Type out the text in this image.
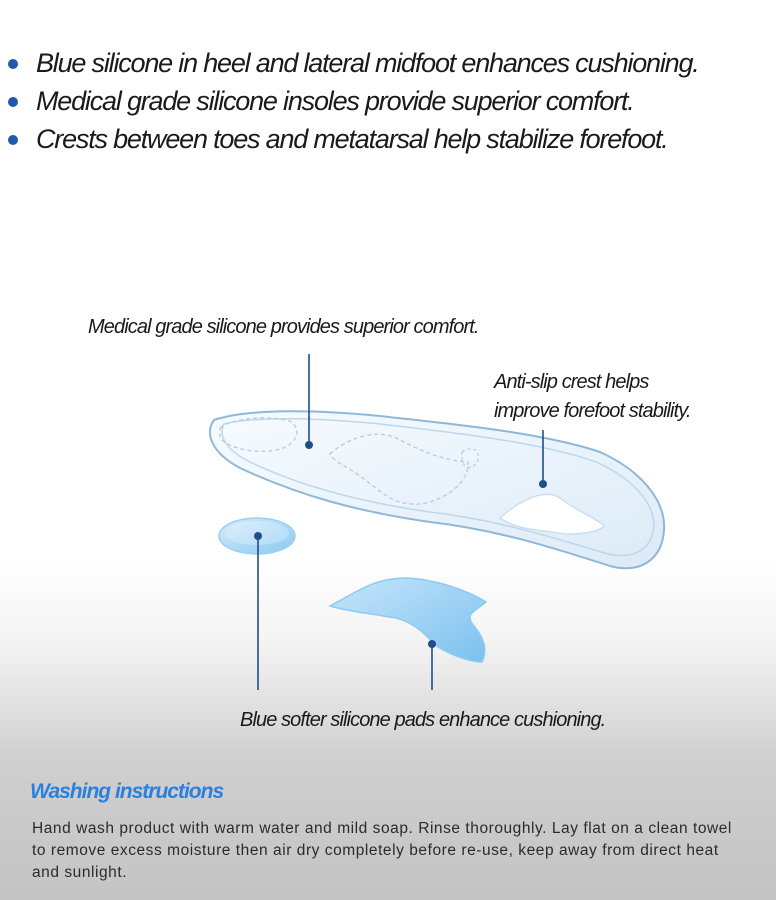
Blue silicone in heel and lateral midfoot enhances cushioning.
Medical grade silicone insoles provide superior comfort.
Crests between toes and metatarsal help stabilize forefoot.

Medical grade silicone provides superior comfort.

Anti-slip crest helps
improve forefoot stability.

Blue softer silicone pads enhance cushioning.

Washing instructions

Hand wash product with warm water and mild soap. Rinse thoroughly. Lay flat on a clean towel to remove excess moisture then air dry completely before re-use, keep away from direct heat and sunlight.
